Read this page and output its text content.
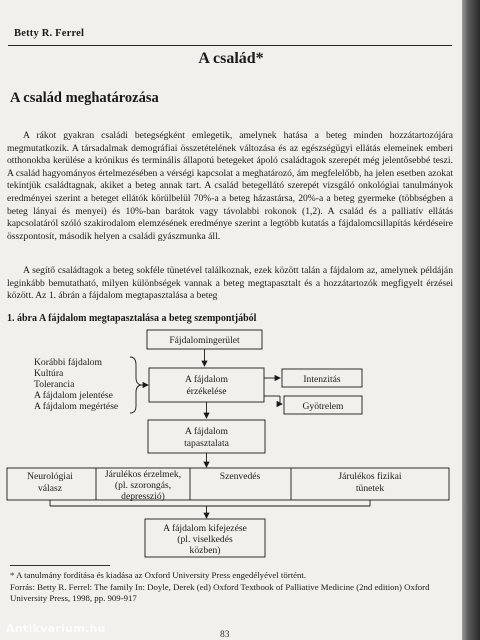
Betty R. Ferrel
A család*
A család meghatározása

A rákot gyakran családi betegségként emlegetik, amelynek hatása a beteg minden hozzátartozójára megmutatkozik. A társadalmak demográfiai összetételének változása és az egészségügyi ellátás elemeinek emberi otthonokba kerülése a krónikus és terminális állapotú betegeket ápoló családtagok szerepét még jelentősebbé teszi. A család hagyományos értelmezésében a vérségi kapcsolat a meghatározó, ám megfelelőbb, ha jelen esetben azokat tekintjük családtagnak, akiket a beteg annak tart. A család betegellátó szerepét vizsgáló onkológiai tanulmányok eredményei szerint a beteget ellátók körülbelül 70%-a a beteg házastársa, 20%-a a beteg gyermeke (többségben a beteg lányai és menyei) és 10%-ban barátok vagy távolabbi rokonok (1,2). A család és a palliatív ellátás kapcsolatáról szóló szakirodalom elemzésének eredménye szerint a legtöbb kutatás a fájdalomcsillapítás kérdéseire összpontosít, második helyen a családi gyászmunka áll.

A segítő családtagok a beteg sokféle tünetével találkoznak, ezek között talán a fájdalom az, amelynek példáján leginkább bemutatható, milyen különbségek vannak a beteg megtapasztalt és a hozzátartozók megfigyelt érzései között. Az 1. ábrán a fájdalom megtapasztalása a beteg

1. ábra A fájdalom megtapasztalása a beteg szempontjából
Fájdalomingerület
Korábbi fájdalom
Kultúra
Tolerancia
A fájdalom jelentése
A fájdalom megértése
A fájdalom
érzékelése
Intenzitás
Gyötrelem
A fájdalom
tapasztalata
Neurológiai
válasz
Járulékos érzelmek,
(pl. szorongás,
depresszió)
Szenvedés	Járulékos fizikai
tünetek
A fájdalom kifejezése
(pl. viselkedés
közben)

* A tanulmány fordítása és kiadása az Oxford University Press engedélyével történt.

Forrás: Betty R. Ferrel: The family In: Doyle, Derek (ed) Oxford Textbook of Palliative Medicine (2nd edition) Oxford University Press, 1998, pp. 909-917

83
Antikvarium.hu
